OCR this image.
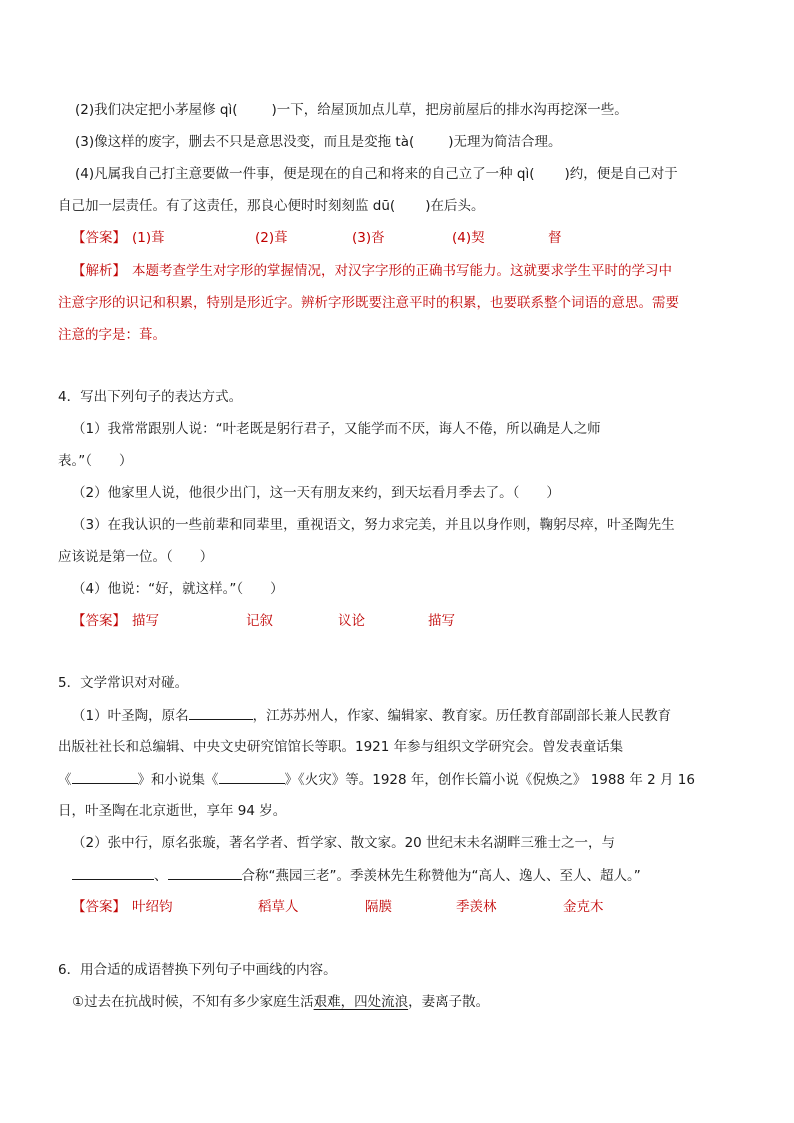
(2)我们决定把小茅屋修 qì(	)一下，给屋顶加点儿草，把房前屋后的排水沟再挖深一些。
(3)像这样的废字，删去不只是意思没变，而且是変拖 tà(	)无理为简洁合理。
(4)凡属我自己打主意要做一件事，便是现在的自己和将来的自己立了一种 qì( )约，便是自己对于
自己加一层责任。有了这责任，那良心便时时刻刻监 dū( )在后头。
【答案】 (1)葺	(2)葺	(3)沓	(4)契	督
【解析】 本题考查学生对字形的掌握情况，对汉字字形的正确书写能力。这就要求学生平时的学习中
注意字形的识记和积累，特别是形近字。辨析字形既要注意平时的积累，也要联系整个词语的意思。需要
注意的字是：葺。
4．写出下列句子的表达方式。
（1）我常常跟别人说：“叶老既是躬行君子，又能学而不厌，诲人不倦，所以确是人之师
表。”（　　）
（2）他家里人说，他很少出门，这一天有朋友来约，到天坛看月季去了。（　　）
（3）在我认识的一些前辈和同辈里，重视语文，努力求完美，并且以身作则，鞠躬尽瘁，叶圣陶先生
应该说是第一位。（　　）
（4）他说：“好，就这样。”（　　）
【答案】 描写	记叙	议论	描写
5．文学常识对对碰。
（1）叶圣陶，原名	，江苏苏州人，作家、编辑家、教育家。历任教育部副部长兼人民教育
出版社社长和总编辑、中央文史研究馆馆长等职。1921 年参与组织文学研究会。曾发表童话集
《	》和小说集《	》《火灾》等。1928 年，创作长篇小说《倪焕之》 1988 年 2 月 16
日，叶圣陶在北京逝世，享年 94 岁。
（2）张中行，原名张璇，著名学者、哲学家、散文家。20 世纪末未名湖畔三雅士之一，与
、	合称“燕园三老”。季羡林先生称赞他为“高人、逸人、至人、超人。”
【答案】 叶绍钧	稻草人	隔膜	季羡林	金克木
6．用合适的成语替换下列句子中画线的内容。
①过去在抗战时候，不知有多少家庭生活艰难，四处流浪，妻离子散。
